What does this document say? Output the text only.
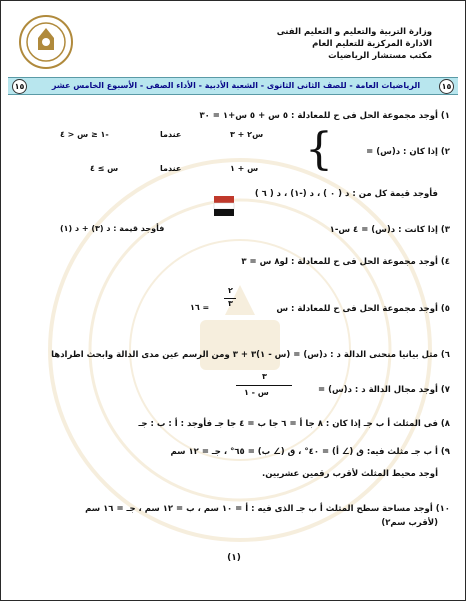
وزارة التربية والتعليم و التعليم الفنى
الادارة المركزية للتعليم العام
مكتب مستشار الرياضيات
١٥	الرياضيات العامة - للصف الثانى الثانوى - الشعبة الأدبية - الأداء الصفى - الأسبوع الخامس عشر	١٥
١) أوجد مجموعة الحل فى ح للمعادلة : ٥ س + ٥ س+١ = ٣٠
٢) إذا كان : د(س) =
{
س٢ + ٣
عندما
-١ ≤ س < ٤
س + ١
عندما
س ≥ ٤
فأوجد قيمة كل من : د ( ٠ ) ، د (-١) ، د ( ٦ )
٣) إذا كانت : د(س) = ٤ س-١
فأوجد قيمة : د (٣) + د (١)
٤) أوجد مجموعة الحل فى ح للمعادلة : لو٨ س = ٣
٥) أوجد مجموعة الحل فى ح للمعادلة : س
٢
٣
= ١٦
٦) مثل بيانيا منحنى الدالة د : د(س) = (س - ١)٣ + ٣ ومن الرسم عين مدى الدالة وابحث اطرادها
٧) أوجد مجال الدالة د : د(س) =
٣
س - ١
٨) فى المثلث أ ب جـ إذا كان : ٨ جا أ = ٦ جا ب = ٤ جا جـ فأوجد : أ : ب : جـ
٩) أ ب جـ مثلث فيه: ق (∠ أ) = ٤٠° ، ق (∠ ب) = ٦٥° ، جـ = ١٢ سم
أوجد محيط المثلث لأقرب رقمين عشريين.
١٠) أوجد مساحة سطح المثلث أ ب جـ الذى فيه : أ = ١٠ سم ، ب = ١٢ سم ، جـ = ١٦ سم
(لأقرب سم٢)
(١)
